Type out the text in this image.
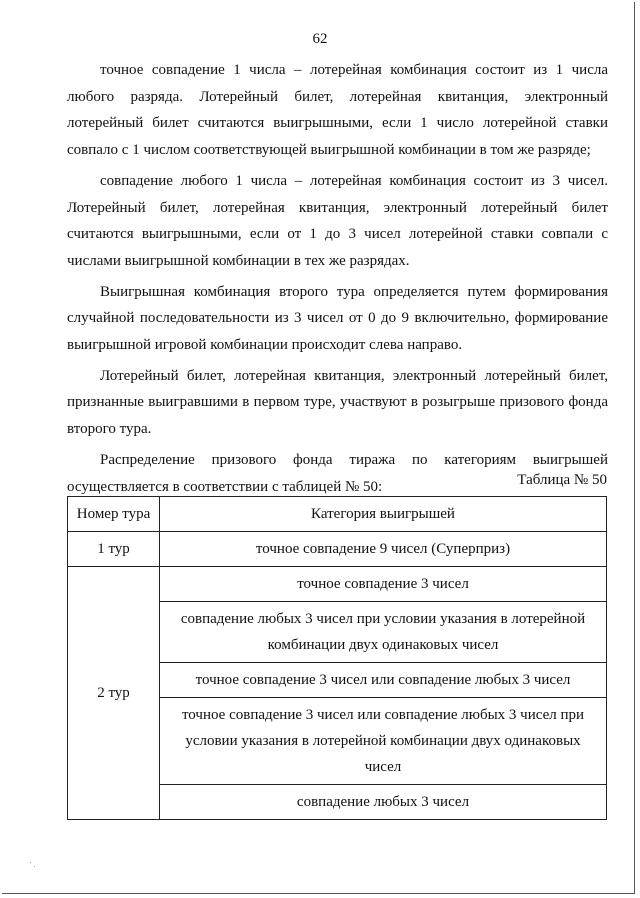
62

точное совпадение 1 числа – лотерейная комбинация состоит из 1 числа любого разряда. Лотерейный билет, лотерейная квитанция, электронный лотерейный билет считаются выигрышными, если 1 число лотерейной ставки совпало с 1 числом соответствующей выигрышной комбинации в том же разряде;

совпадение любого 1 числа – лотерейная комбинация состоит из 3 чисел. Лотерейный билет, лотерейная квитанция, электронный лотерейный билет считаются выигрышными, если от 1 до 3 чисел лотерейной ставки совпали с числами выигрышной комбинации в тех же разрядах.

Выигрышная комбинация второго тура определяется путем формирования случайной последовательности из 3 чисел от 0 до 9 включительно, формирование выигрышной игровой комбинации происходит слева направо.

Лотерейный билет, лотерейная квитанция, электронный лотерейный билет, признанные выигравшими в первом туре, участвуют в розыгрыше призового фонда второго тура.

Распределение призового фонда тиража по категориям выигрышей осуществляется в соответствии с таблицей № 50:	Таблица № 50
Номер тура	Категория выигрышей
1 тур	точное совпадение 9 чисел (Суперприз)
2 тур	точное совпадение 3 чисел
	совпадение любых 3 чисел при условии указания в лотерейной комбинации двух одинаковых чисел
	точное совпадение 3 чисел или совпадение любых 3 чисел
	точное совпадение 3 чисел или совпадение любых 3 чисел при условии указания в лотерейной комбинации двух одинаковых чисел
	совпадение любых 3 чисел
